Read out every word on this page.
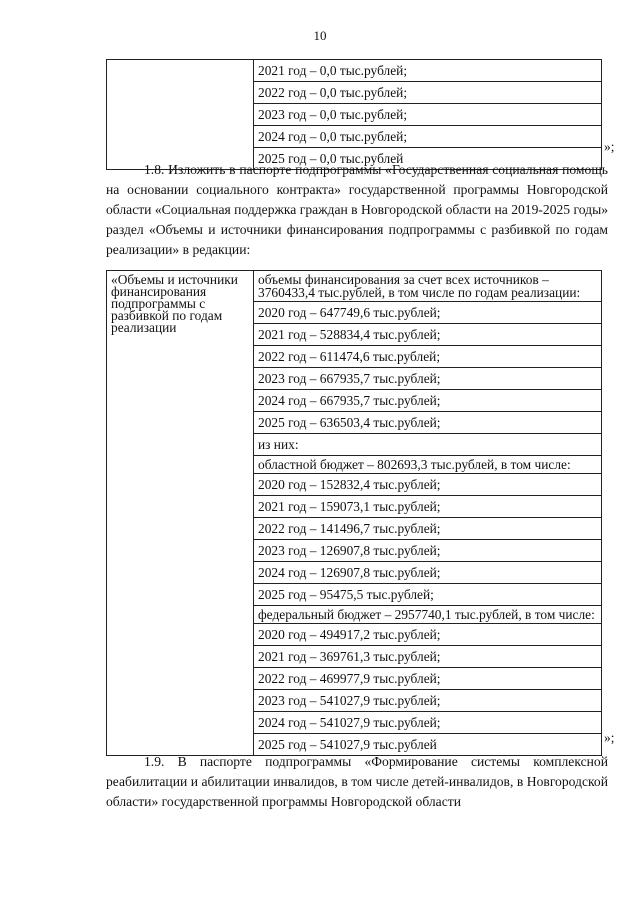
10

2021 год – 0,0 тыс.рублей;
2022 год – 0,0 тыс.рублей;
2023 год – 0,0 тыс.рублей;
2024 год – 0,0 тыс.рублей;
2025 год – 0,0 тыс.рублей
»;
1.8. Изложить в паспорте подпрограммы «Государственная социальная помощь на основании социального контракта» государственной программы Новгородской области «Социальная поддержка граждан в Новгородской области на 2019-2025 годы» раздел «Объемы и источники финансирования подпрограммы с разбивкой по годам реализации» в редакции:
«Объемы и источники финансирования подпрограммы с разбивкой по годам реализации

объемы финансирования за счет всех источников – 3760433,4 тыс.рублей, в том числе по годам реализации:
2020 год – 647749,6 тыс.рублей;
2021 год – 528834,4 тыс.рублей;
2022 год – 611474,6 тыс.рублей;
2023 год – 667935,7 тыс.рублей;
2024 год – 667935,7 тыс.рублей;
2025 год – 636503,4 тыс.рублей;
из них:
областной бюджет – 802693,3 тыс.рублей, в том числе:
2020 год – 152832,4 тыс.рублей;
2021 год – 159073,1 тыс.рублей;
2022 год – 141496,7 тыс.рублей;
2023 год – 126907,8 тыс.рублей;
2024 год – 126907,8 тыс.рублей;
2025 год – 95475,5 тыс.рублей;
федеральный бюджет – 2957740,1 тыс.рублей, в том числе:
2020 год – 494917,2 тыс.рублей;
2021 год – 369761,3 тыс.рублей;
2022 год – 469977,9 тыс.рублей;
2023 год – 541027,9 тыс.рублей;
2024 год – 541027,9 тыс.рублей;
2025 год – 541027,9 тыс.рублей	»;
1.9. В паспорте подпрограммы «Формирование системы комплексной реабилитации и абилитации инвалидов, в том числе детей-инвалидов, в Новгородской области» государственной программы Новгородской области
